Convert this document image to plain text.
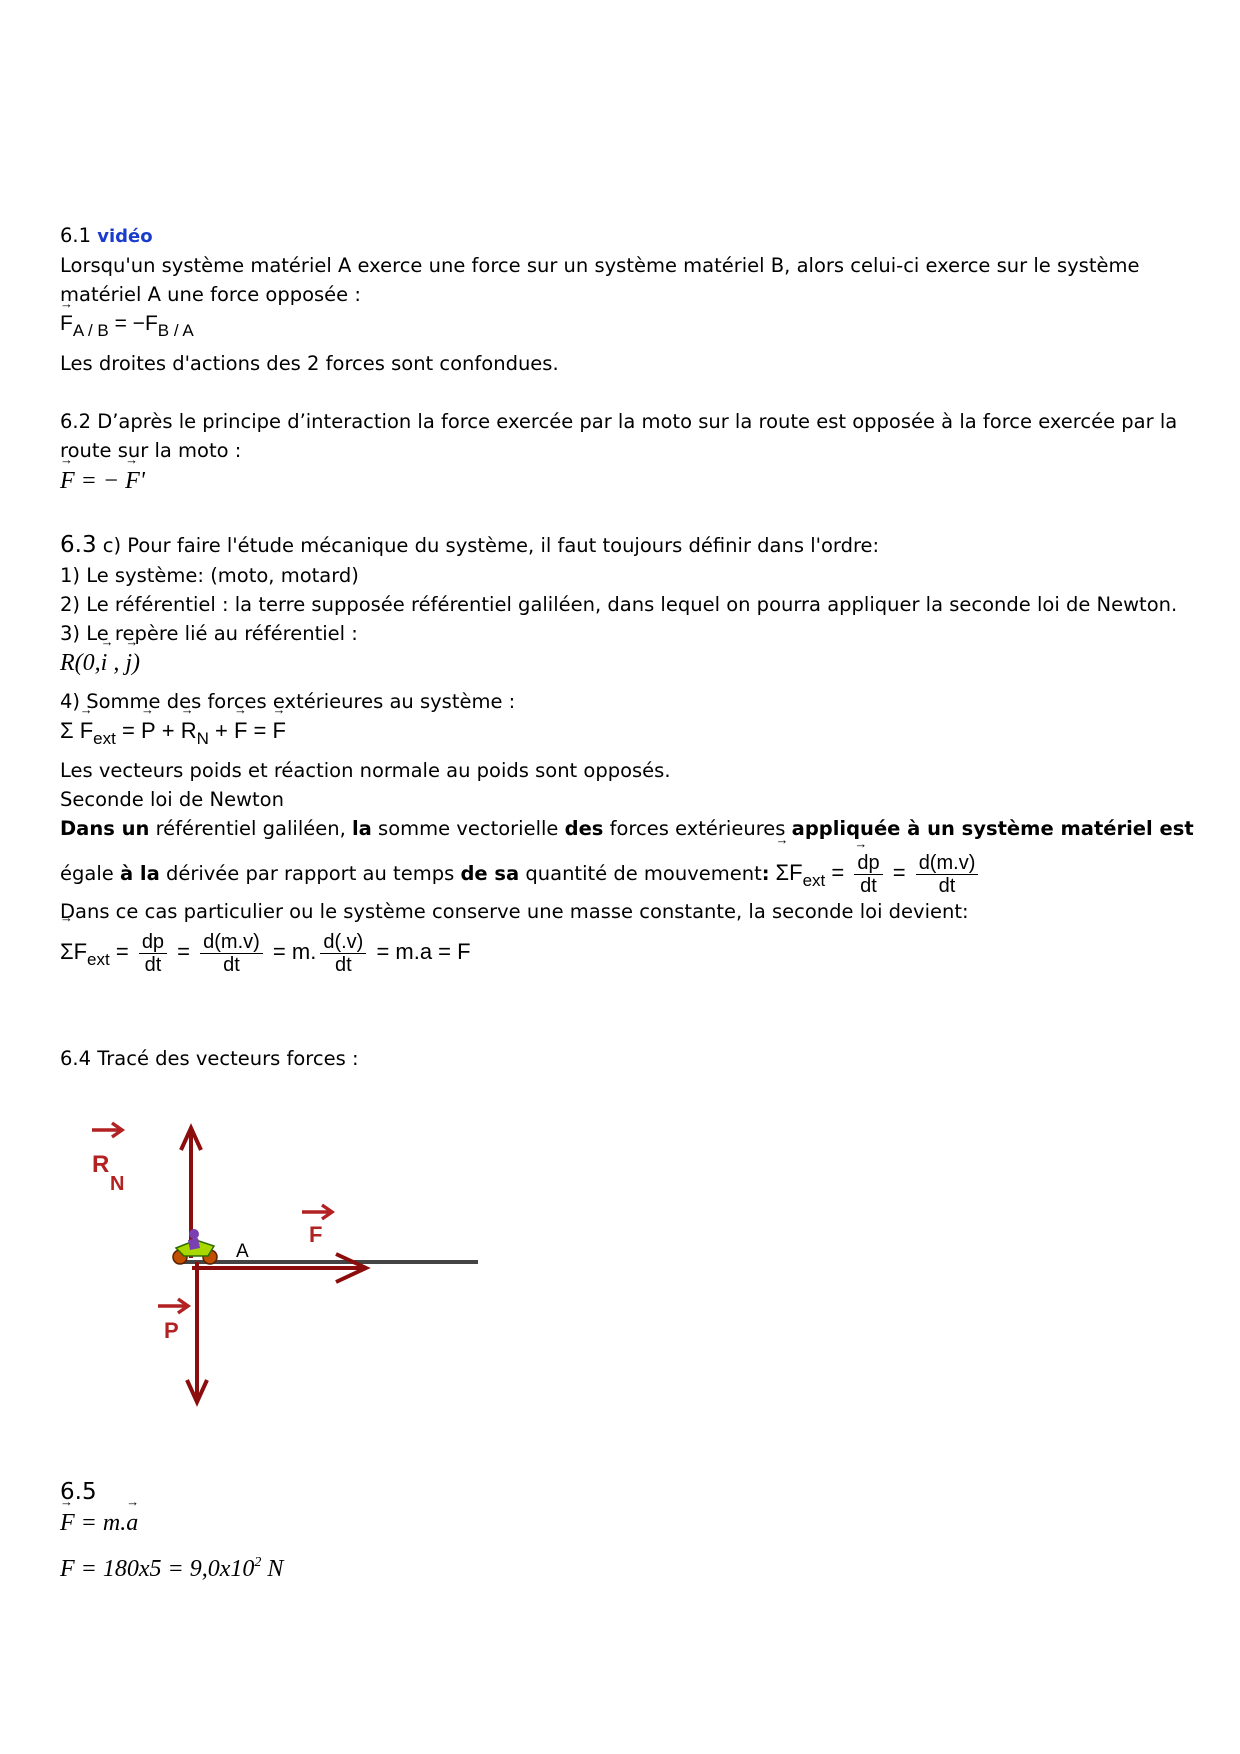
6.1 vidéo
Lorsqu'un système matériel A exerce une force sur un système matériel B, alors celui-ci exerce sur le système
matériel A une force opposée :
→ $F_{A / B} = -F_{B / A}$
Les droites d'actions des 2 forces sont confondues.
6.2 D’après le principe d’interaction la force exercée par la moto sur la route est opposée à la force exercée par la
route sur la moto :
→ F = − → F'
6.3 c) Pour faire l'étude mécanique du système, il faut toujours définir dans l'ordre:
1) Le système: (moto, motard)
2) Le référentiel : la terre supposée référentiel galiléen, dans lequel on pourra appliquer la seconde loi de Newton.
3) Le repère lié au référentiel :
R(0,→ i , → j)
4) Somme des forces extérieures au système :
$\Sigma \to F_{ext}$ = → P + → $R_N$ + → F = → F
Les vecteurs poids et réaction normale au poids sont opposés.
Seconde loi de Newton
Dans un référentiel galiléen, la somme vectorielle des forces extérieures appliquée à un système matériel est
égale à la dérivée par rapport au temps de sa quantité de mouvement: → $\Sigma F_{ext}$ = → $\frac{dp}{dt} = \frac{d(m.v)}{dt}$
Dans ce cas particulier ou le système conserve une masse constante, la seconde loi devient:
→ $\Sigma F_{ext} = \frac{dp}{dt} = \frac{d(m.v)}{dt} = m$. $\frac{d(.v)}{dt} = m.a = F$
6.4 Tracé des vecteurs forces :
R
N
F
P
A
6.5
→ F = m.→ a
$F = 180x5 = 9,0x10^2$ N
